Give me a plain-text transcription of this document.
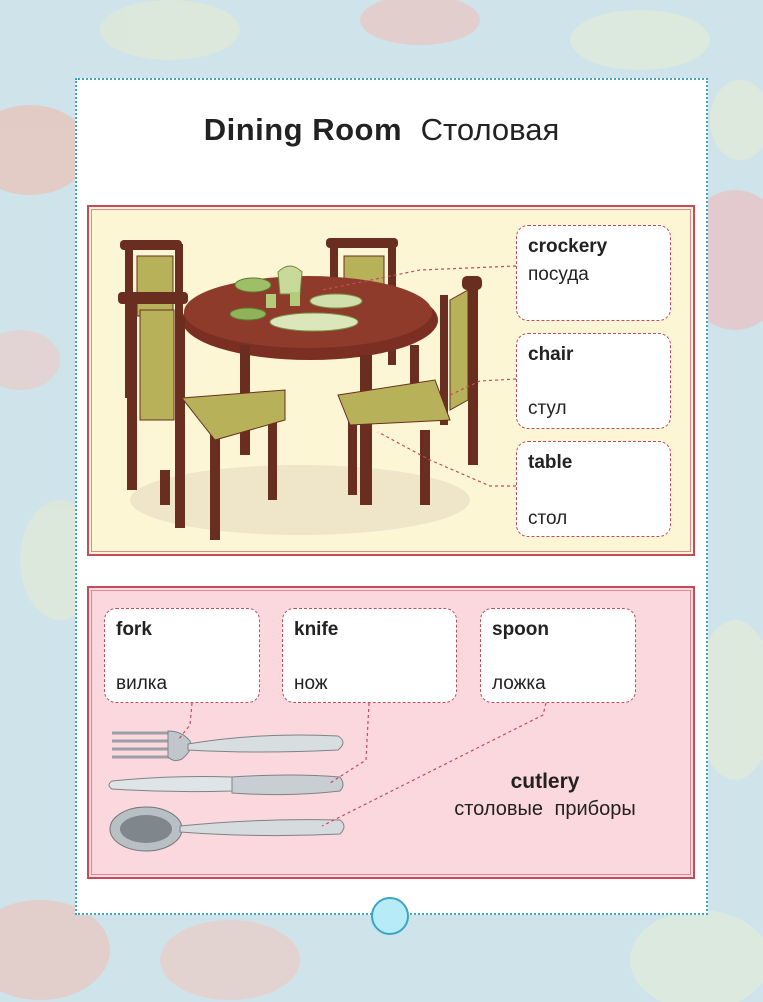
Dining Room Столовая
crockery
посуда
chair
стул
table
стол
fork
вилка
knife
нож
spoon
ложка
cutlery
столовые приборы
